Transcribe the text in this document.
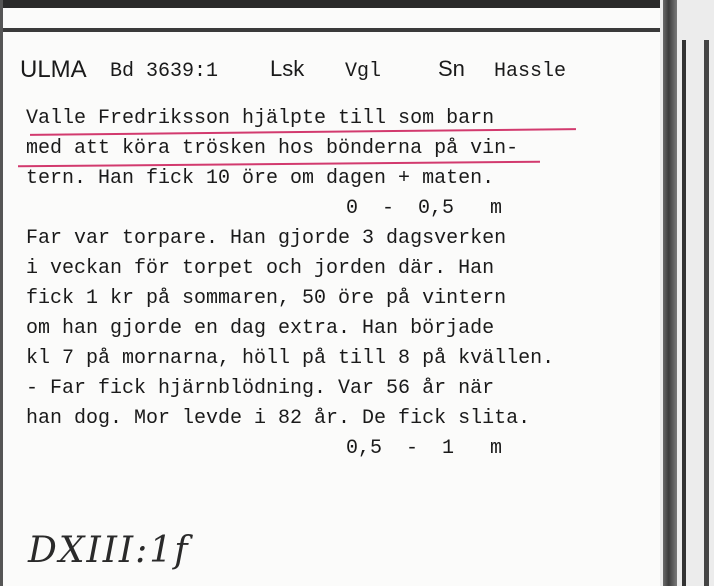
ULMA Bd 3639:1 Lsk Vgl	Sn Hassle
Valle Fredriksson hjälpte till som barn
med att köra trösken hos bönderna på vin-
tern. Han fick 10 öre om dagen + maten.
0  -  0,5   m
Far var torpare. Han gjorde 3 dagsverken
i veckan för torpet och jorden där. Han
fick 1 kr på sommaren, 50 öre på vintern
om han gjorde en dag extra. Han började
kl 7 på mornarna, höll på till 8 på kvällen.
- Far fick hjärnblödning. Var 56 år när
han dog. Mor levde i 82 år. De fick slita.
0,5  -  1   m
DXIII:1f
